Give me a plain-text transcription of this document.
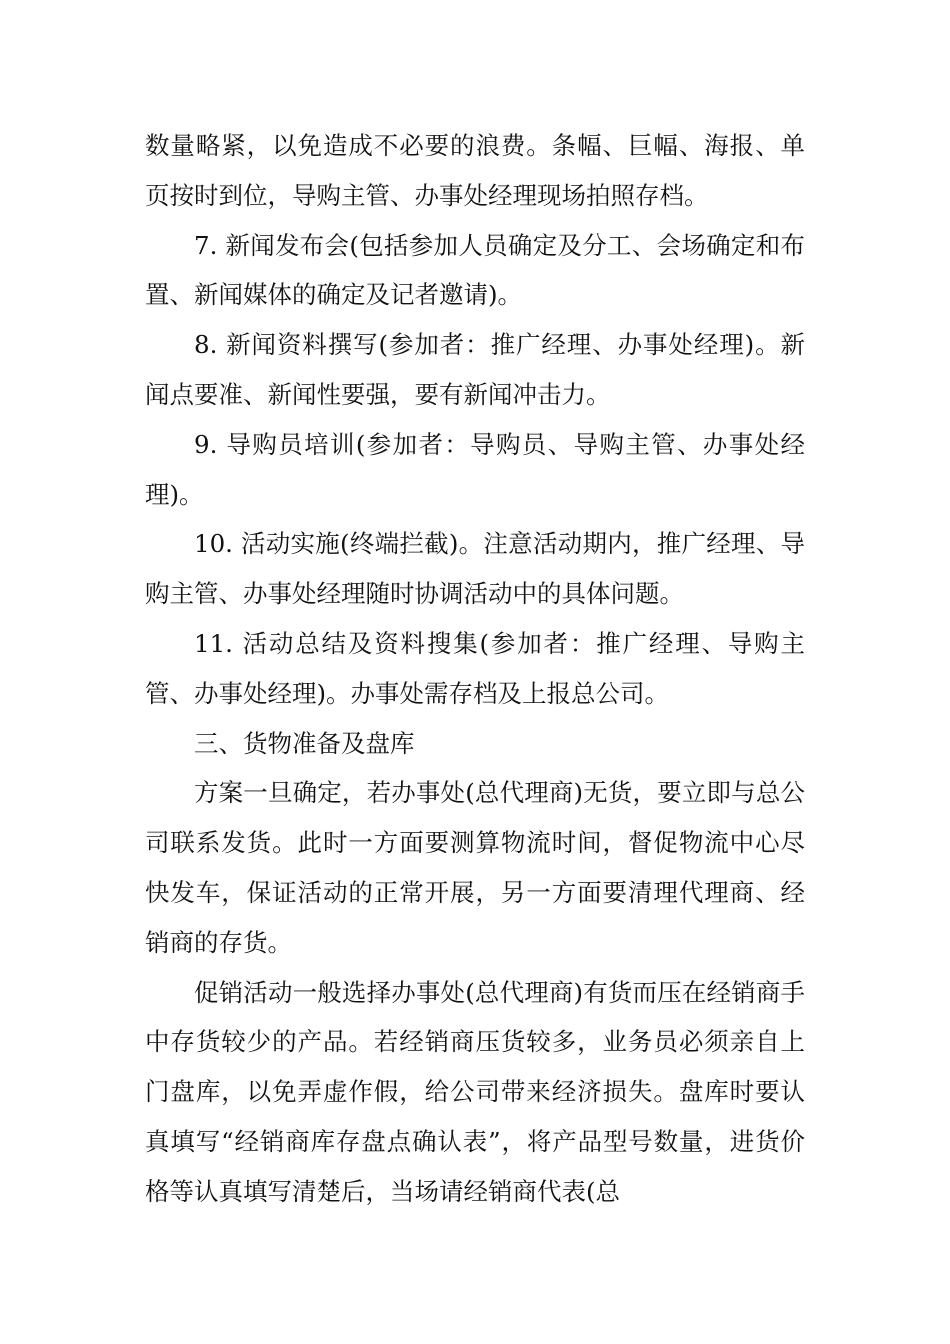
数量略紧，以免造成不必要的浪费。条幅、巨幅、海报、单页按时到位，导购主管、办事处经理现场拍照存档。

7. 新闻发布会(包括参加人员确定及分工、会场确定和布置、新闻媒体的确定及记者邀请)。

8. 新闻资料撰写(参加者：推广经理、办事处经理)。新闻点要准、新闻性要强，要有新闻冲击力。

9. 导购员培训(参加者：导购员、导购主管、办事处经理)。

10. 活动实施(终端拦截)。注意活动期内，推广经理、导购主管、办事处经理随时协调活动中的具体问题。

11. 活动总结及资料搜集(参加者：推广经理、导购主管、办事处经理)。办事处需存档及上报总公司。

三、货物准备及盘库

方案一旦确定，若办事处(总代理商)无货，要立即与总公司联系发货。此时一方面要测算物流时间，督促物流中心尽快发车，保证活动的正常开展，另一方面要清理代理商、经销商的存货。

促销活动一般选择办事处(总代理商)有货而压在经销商手中存货较少的产品。若经销商压货较多，业务员必须亲自上门盘库，以免弄虚作假，给公司带来经济损失。盘库时要认真填写“经销商库存盘点确认表”，将产品型号数量，进货价格等认真填写清楚后，当场请经销商代表(总
